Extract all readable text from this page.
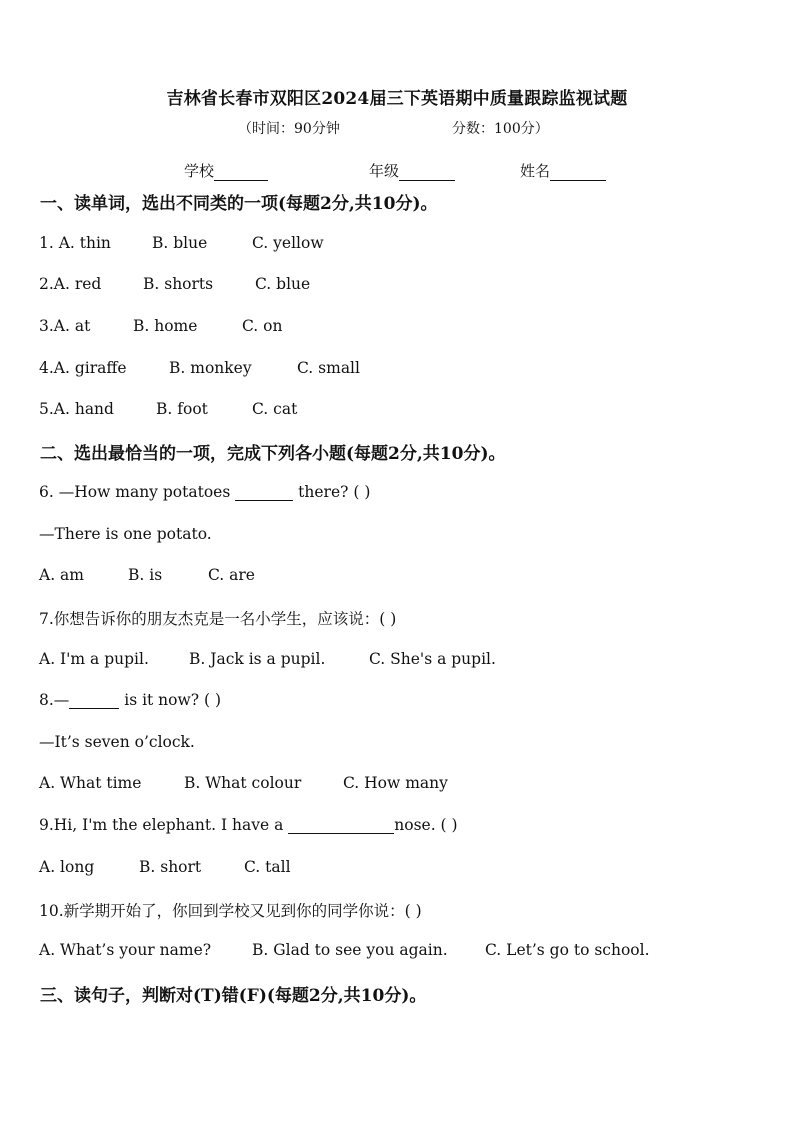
吉林省长春市双阳区2024届三下英语期中质量跟踪监视试题
（时间：90分钟	分数：100分）
学校	年级	姓名
一、读单词，选出不同类的一项(每题2分,共10分)。
1. A. thin	B. blue	C. yellow
2.A. red	B. shorts	C. blue
3.A. at	B. home	C. on
4.A. giraffe	B. monkey	C. small
5.A. hand	B. foot	C. cat
二、选出最恰当的一项，完成下列各小题(每题2分,共10分)。
6. —How many potatoes	there? ( )
—There is one potato.
A. am	B. is	C. are
7.你想告诉你的朋友杰克是一名小学生，应该说：( )
A. I'm a pupil.	B. Jack is a pupil.	C. She's a pupil.
8.—	is it now? ( )
—It’s seven o’clock.
A. What time	B. What colour	C. How many
9.Hi, I'm the elephant. I have a	nose. ( )
A. long	B. short	C. tall
10.新学期开始了，你回到学校又见到你的同学你说：( )
A. What’s your name?	B. Glad to see you again. C. Let’s go to school.
三、读句子，判断对(T)错(F)(每题2分,共10分)。
